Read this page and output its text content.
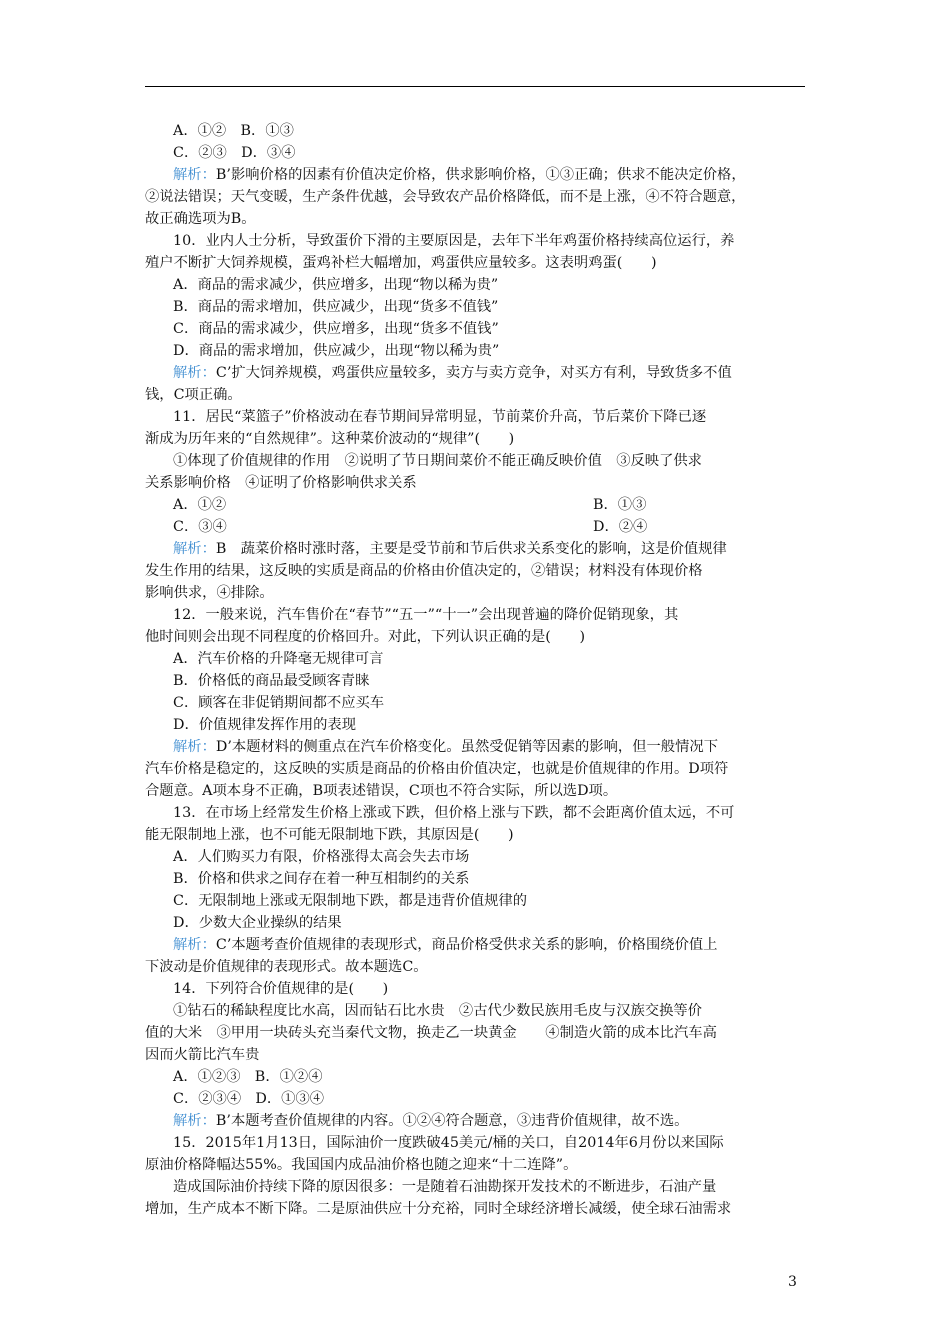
A．①②　B．①③
C．②③　D．③④
解析：B’影响价格的因素有价值决定价格，供求影响价格，①③正确；供求不能决定价格，
②说法错误；天气变暖，生产条件优越，会导致农产品价格降低，而不是上涨，④不符合题意，
故正确选项为B。
10．业内人士分析，导致蛋价下滑的主要原因是，去年下半年鸡蛋价格持续高位运行，养
殖户不断扩大饲养规模，蛋鸡补栏大幅增加，鸡蛋供应量较多。这表明鸡蛋(　　)
A．商品的需求减少，供应增多，出现“物以稀为贵”
B．商品的需求增加，供应减少，出现“货多不值钱”
C．商品的需求减少，供应增多，出现“货多不值钱”
D．商品的需求增加，供应减少，出现“物以稀为贵”
解析：C’扩大饲养规模，鸡蛋供应量较多，卖方与卖方竞争，对买方有利，导致货多不值
钱，C项正确。
11．居民“菜篮子”价格波动在春节期间异常明显，节前菜价升高，节后菜价下降已逐
渐成为历年来的“自然规律”。这种菜价波动的“规律”(　　)
①体现了价值规律的作用　②说明了节日期间菜价不能正确反映价值　③反映了供求
关系影响价格　④证明了价格影响供求关系
A．①②	B．①③
C．③④	D．②④
解析：B　蔬菜价格时涨时落，主要是受节前和节后供求关系变化的影响，这是价值规律
发生作用的结果，这反映的实质是商品的价格由价值决定的，②错误；材料没有体现价格
影响供求，④排除。
12．一般来说，汽车售价在“春节”“五一”“十一”会出现普遍的降价促销现象，其
他时间则会出现不同程度的价格回升。对此，下列认识正确的是(　　)
A．汽车价格的升降毫无规律可言
B．价格低的商品最受顾客青睐
C．顾客在非促销期间都不应买车
D．价值规律发挥作用的表现
解析：D’本题材料的侧重点在汽车价格变化。虽然受促销等因素的影响，但一般情况下
汽车价格是稳定的，这反映的实质是商品的价格由价值决定，也就是价值规律的作用。D项符
合题意。A项本身不正确，B项表述错误，C项也不符合实际，所以选D项。
13．在市场上经常发生价格上涨或下跌，但价格上涨与下跌，都不会距离价值太远，不可
能无限制地上涨，也不可能无限制地下跌，其原因是(　　)
A．人们购买力有限，价格涨得太高会失去市场
B．价格和供求之间存在着一种互相制约的关系
C．无限制地上涨或无限制地下跌，都是违背价值规律的
D．少数大企业操纵的结果
解析：C’本题考查价值规律的表现形式，商品价格受供求关系的影响，价格围绕价值上
下波动是价值规律的表现形式。故本题选C。
14．下列符合价值规律的是(　　)
①钻石的稀缺程度比水高，因而钻石比水贵　②古代少数民族用毛皮与汉族交换等价
值的大米　③甲用一块砖头充当秦代文物，换走乙一块黄金　　④制造火箭的成本比汽车高
因而火箭比汽车贵
A．①②③　B．①②④
C．②③④　D．①③④
解析：B’本题考查价值规律的内容。①②④符合题意，③违背价值规律，故不选。
15．2015年1月13日，国际油价一度跌破45美元/桶的关口，自2014年6月份以来国际
原油价格降幅达55%。我国国内成品油价格也随之迎来“十二连降”。
造成国际油价持续下降的原因很多：一是随着石油勘探开发技术的不断进步，石油产量
增加，生产成本不断下降。二是原油供应十分充裕，同时全球经济增长减缓，使全球石油需求
3
